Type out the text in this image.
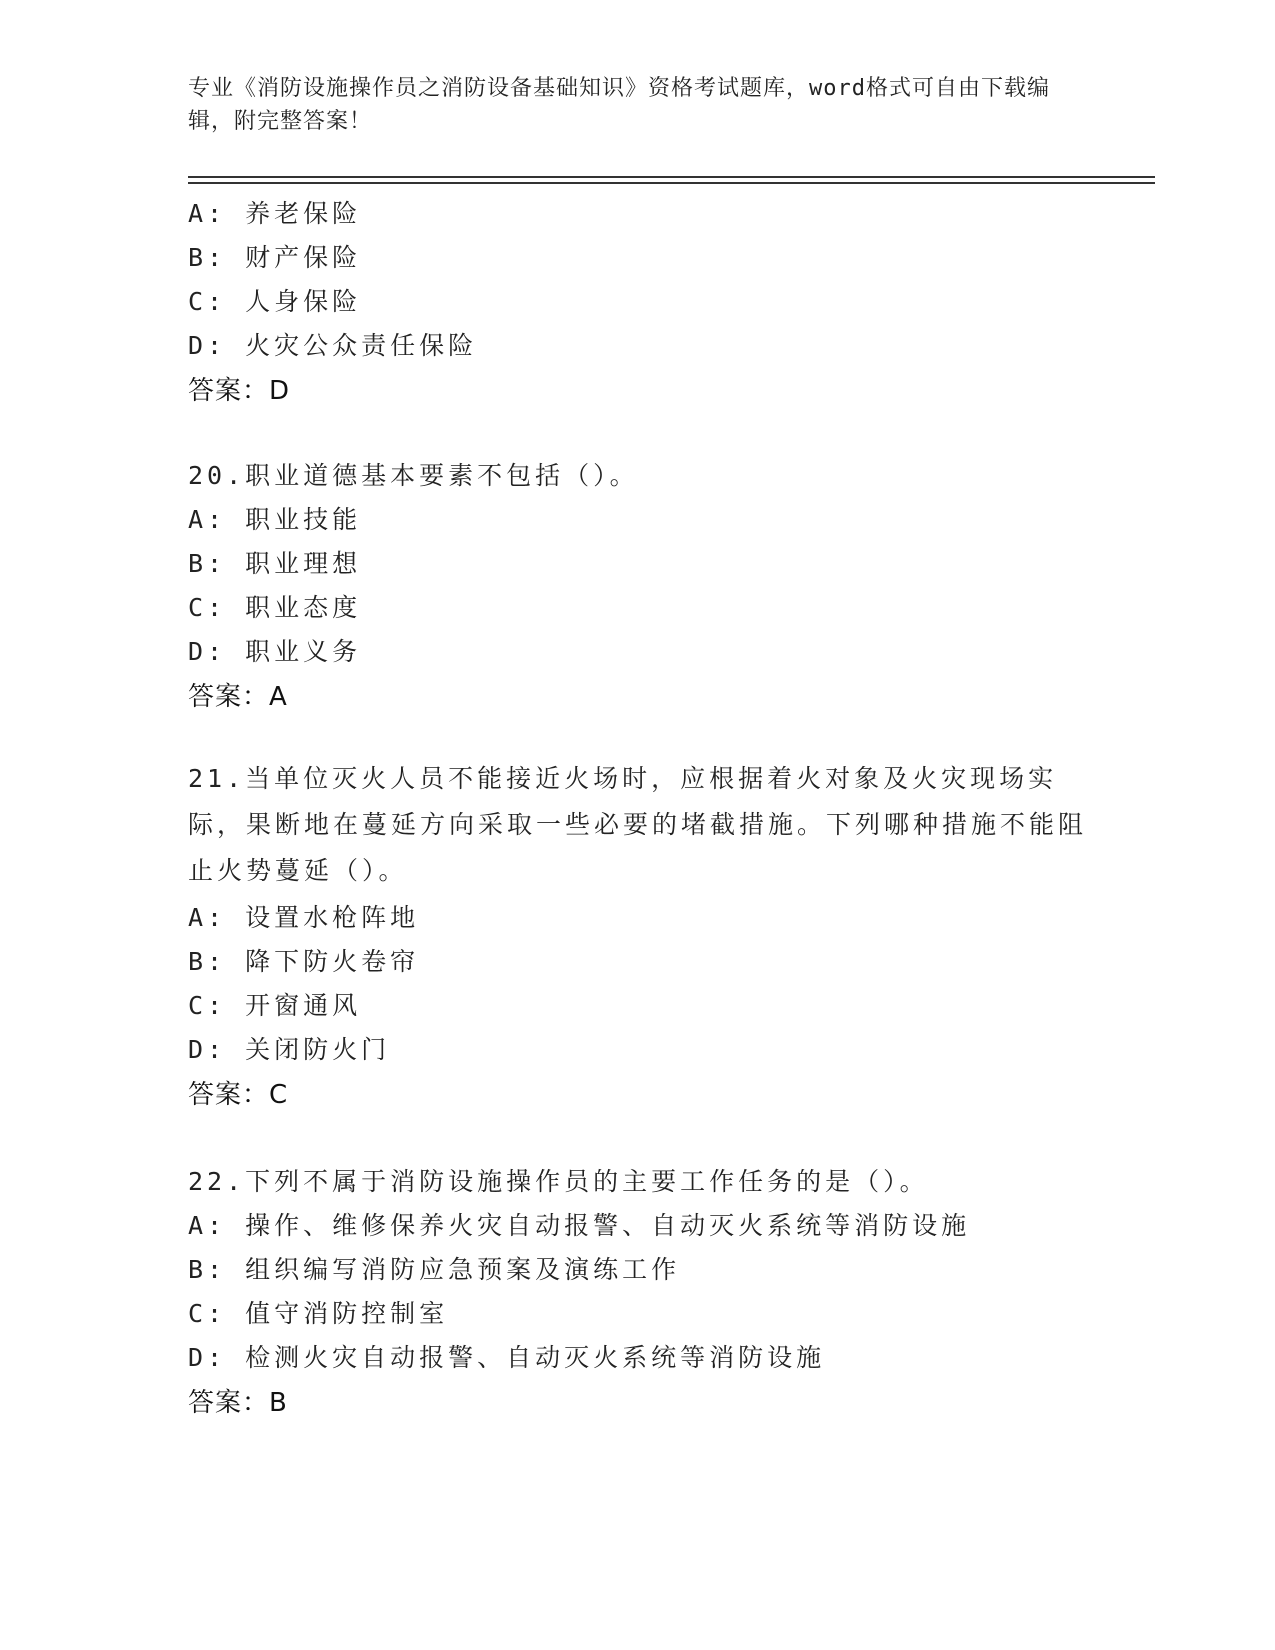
专业《消防设施操作员之消防设备基础知识》资格考试题库，word格式可自由下载编辑，附完整答案！
A: 养老保险
B: 财产保险
C: 人身保险
D: 火灾公众责任保险
答案：D
20.职业道德基本要素不包括（）。
A: 职业技能
B: 职业理想
C: 职业态度
D: 职业义务
答案：A
21.当单位灭火人员不能接近火场时，应根据着火对象及火灾现场实际，果断地在蔓延方向采取一些必要的堵截措施。下列哪种措施不能阻止火势蔓延（）。
A: 设置水枪阵地
B: 降下防火卷帘
C: 开窗通风
D: 关闭防火门
答案：C
22.下列不属于消防设施操作员的主要工作任务的是（）。
A: 操作、维修保养火灾自动报警、自动灭火系统等消防设施
B: 组织编写消防应急预案及演练工作
C: 值守消防控制室
D: 检测火灾自动报警、自动灭火系统等消防设施
答案：B
